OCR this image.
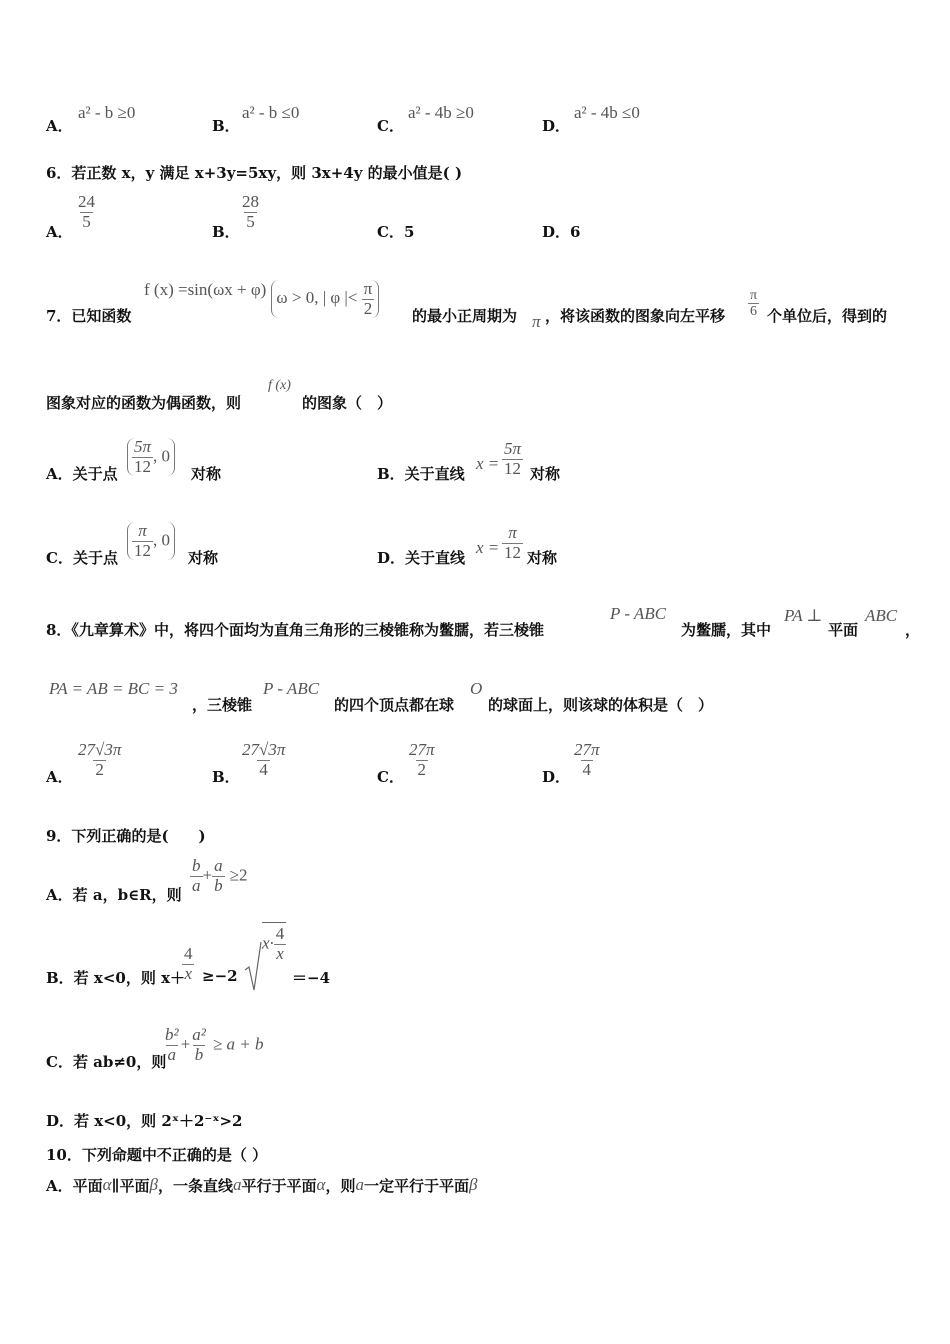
A．
a² - b ≥0
B．
a² - b ≤0
C．
a² - 4b ≥0
D．
a² - 4b ≤0
6．若正数 x，y 满足 x+3y=5xy，则 3x+4y 的最小值是( )
A．
$\frac{24}{5}$
B．
$\frac{28}{5}$
C．5	D．6
7．已知函数
f (x) =sin(ωx + φ) ω > 0, | φ |< $\frac{\pi}{2}$	的最小正周期为 π ，将该函数的图象向左平移 $\frac{\pi}{6}$ 个单位后，得到的
图象对应的函数为偶函数，则
f (x)
的图象（　）
A．关于点 $\frac{5\pi}{12}$ , 0
对称	B．关于直线
$x = \frac{5\pi}{12}$ 对称
C．关于点 $\frac{\pi}{12}$ , 0
对称	D．关于直线
$x = \frac{\pi}{12}$ 对称
8．《九章算术》中，将四个面均为直角三角形的三棱锥称为鳖臑，若三棱锥
P - ABC
为鳖臑，其中
PA ⊥
平面
ABC
，
PA = AB = BC = 3
，三棱锥
P - ABC
的四个顶点都在球
O
的球面上，则该球的体积是（　）
A． $\frac{27√3\pi}{2}$	B． $\frac{27√3\pi}{4}$	C． $\frac{27\pi}{2}$	D． $\frac{27\pi}{4}$
9．下列正确的是(　　)
A．若 a，b∈R，则 $\frac{b}{a} + \frac{a}{b} \ge 2$
B．若 x<0，则 x＋
$\frac{4}{x} \ge-2$
$x\cdot \frac{4}{x}$
＝−4
C．若 ab≠0，则
$\frac{\text{b²}}{a} + \frac{\text{a²}}{b} \ge a + b$
D．若 x<0，则 2ˣ＋2⁻ˣ>2
10．下列命题中不正确的是（ ）
A．平面α∥平面β，一条直线a平行于平面α，则a一定平行于平面β
